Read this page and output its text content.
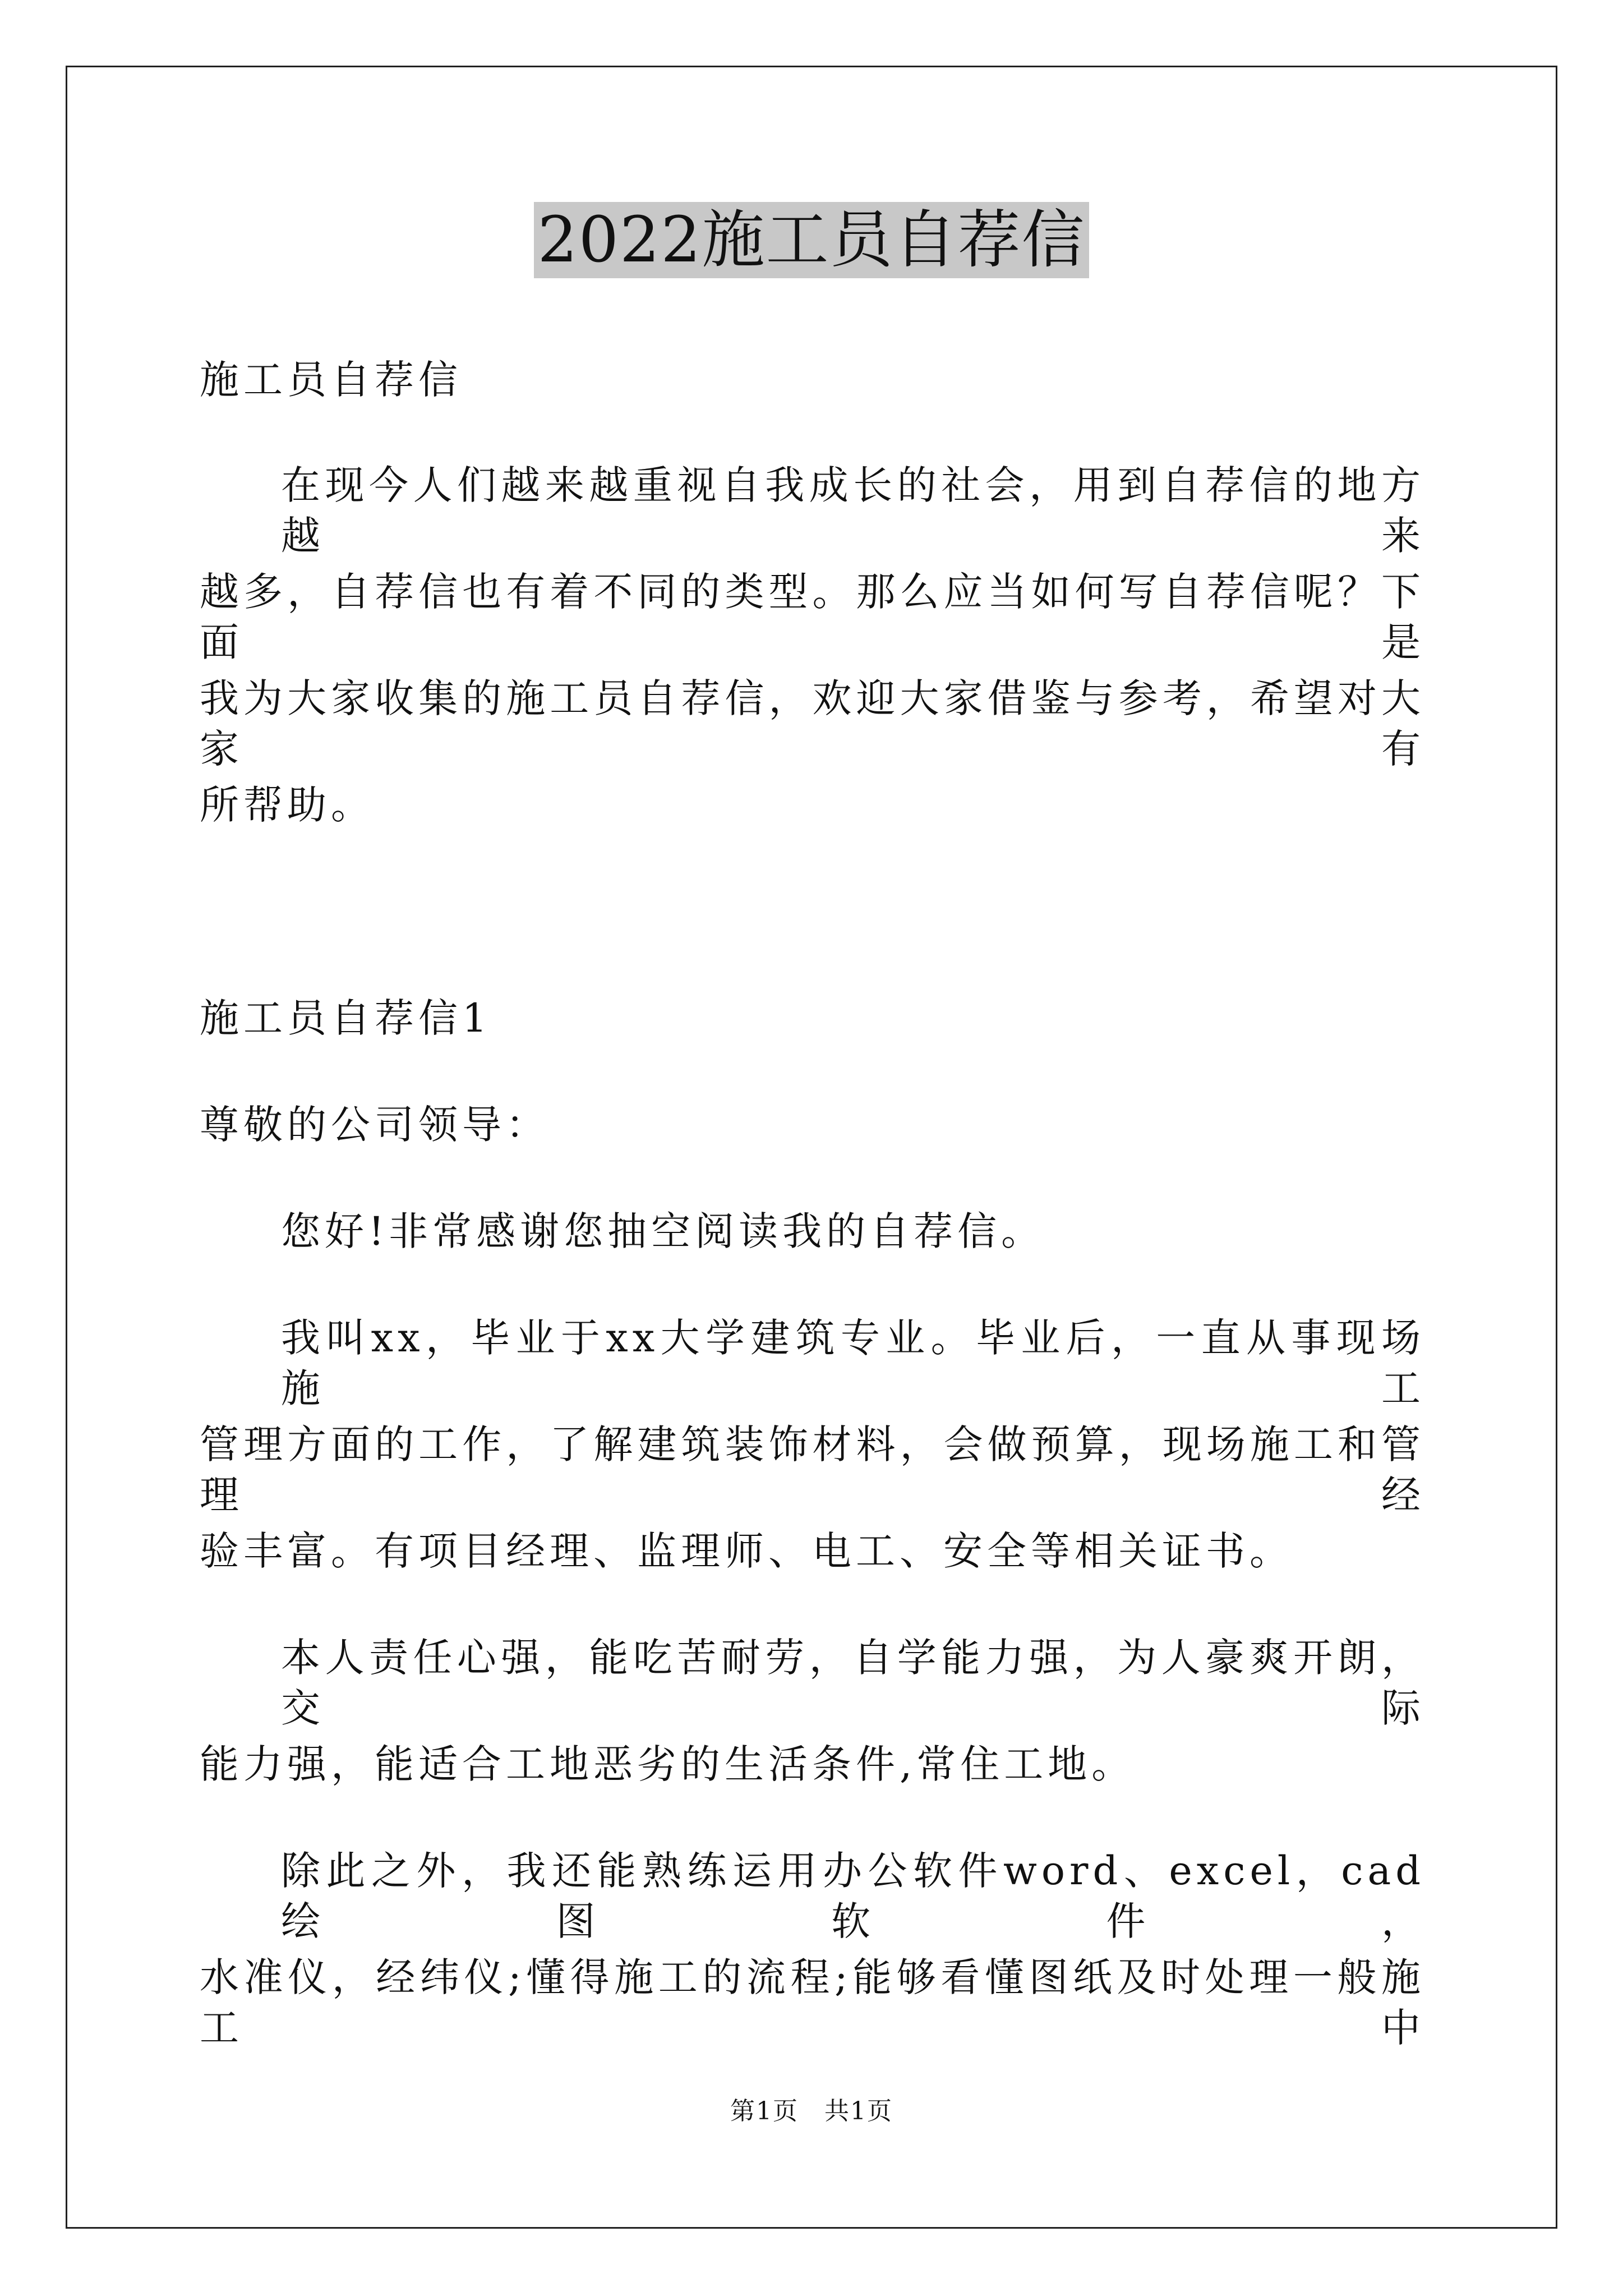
2022施工员自荐信
施工员自荐信
在现今人们越来越重视自我成长的社会，用到自荐信的地方越来
越多，自荐信也有着不同的类型。那么应当如何写自荐信呢？下面是
我为大家收集的施工员自荐信，欢迎大家借鉴与参考，希望对大家有
所帮助。
施工员自荐信1
尊敬的公司领导：
您好!非常感谢您抽空阅读我的自荐信。
我叫xx，毕业于xx大学建筑专业。毕业后，一直从事现场施工
管理方面的工作，了解建筑装饰材料，会做预算，现场施工和管理经
验丰富。有项目经理、监理师、电工、安全等相关证书。
本人责任心强，能吃苦耐劳，自学能力强，为人豪爽开朗，交际
能力强，能适合工地恶劣的生活条件,常住工地。
除此之外，我还能熟练运用办公软件word、excel，cad绘图软件，
水准仪，经纬仪;懂得施工的流程;能够看懂图纸及时处理一般施工中
第1页　共1页
